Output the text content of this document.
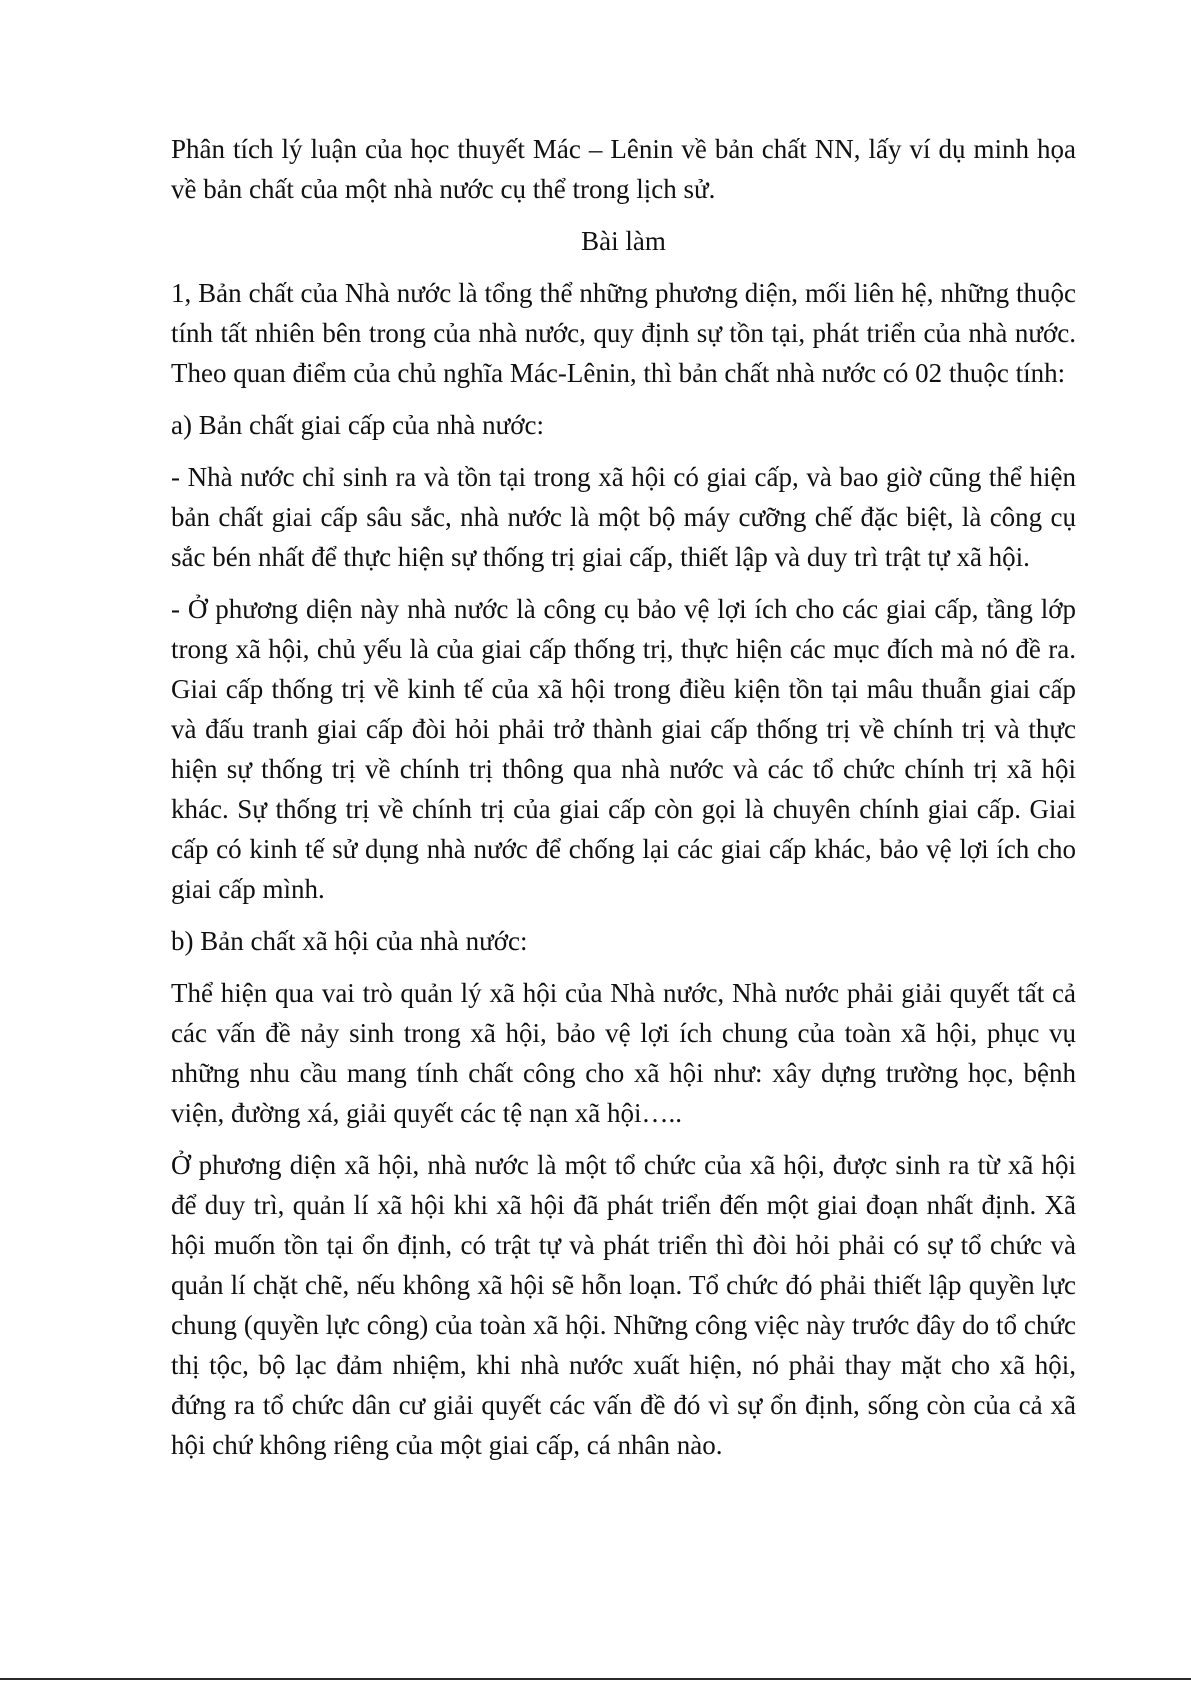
Phân tích lý luận của học thuyết Mác – Lênin về bản chất NN, lấy ví dụ minh họa về bản chất của một nhà nước cụ thể trong lịch sử.

Bài làm

1, Bản chất của Nhà nước là tổng thể những phương diện, mối liên hệ, những thuộc tính tất nhiên bên trong của nhà nước, quy định sự tồn tại, phát triển của nhà nước. Theo quan điểm của chủ nghĩa Mác-Lênin, thì bản chất nhà nước có 02 thuộc tính:

a) Bản chất giai cấp của nhà nước:

- Nhà nước chỉ sinh ra và tồn tại trong xã hội có giai cấp, và bao giờ cũng thể hiện bản chất giai cấp sâu sắc, nhà nước là một bộ máy cưỡng chế đặc biệt, là công cụ sắc bén nhất để thực hiện sự thống trị giai cấp, thiết lập và duy trì trật tự xã hội.

- Ở phương diện này nhà nước là công cụ bảo vệ lợi ích cho các giai cấp, tầng lớp trong xã hội, chủ yếu là của giai cấp thống trị, thực hiện các mục đích mà nó đề ra. Giai cấp thống trị về kinh tế của xã hội trong điều kiện tồn tại mâu thuẫn giai cấp và đấu tranh giai cấp đòi hỏi phải trở thành giai cấp thống trị về chính trị và thực hiện sự thống trị về chính trị thông qua nhà nước và các tổ chức chính trị xã hội khác. Sự thống trị về chính trị của giai cấp còn gọi là chuyên chính giai cấp. Giai cấp có kinh tế sử dụng nhà nước để chống lại các giai cấp khác, bảo vệ lợi ích cho giai cấp mình.

b) Bản chất xã hội của nhà nước:

Thể hiện qua vai trò quản lý xã hội của Nhà nước, Nhà nước phải giải quyết tất cả các vấn đề nảy sinh trong xã hội, bảo vệ lợi ích chung của toàn xã hội, phục vụ những nhu cầu mang tính chất công cho xã hội như: xây dựng trường học, bệnh viện, đường xá, giải quyết các tệ nạn xã hội…..

Ở phương diện xã hội, nhà nước là một tổ chức của xã hội, được sinh ra từ xã hội để duy trì, quản lí xã hội khi xã hội đã phát triển đến một giai đoạn nhất định. Xã hội muốn tồn tại ổn định, có trật tự và phát triển thì đòi hỏi phải có sự tổ chức và quản lí chặt chẽ, nếu không xã hội sẽ hỗn loạn. Tổ chức đó phải thiết lập quyền lực chung (quyền lực công) của toàn xã hội. Những công việc này trước đây do tổ chức thị tộc, bộ lạc đảm nhiệm, khi nhà nước xuất hiện, nó phải thay mặt cho xã hội, đứng ra tổ chức dân cư giải quyết các vấn đề đó vì sự ổn định, sống còn của cả xã hội chứ không riêng của một giai cấp, cá nhân nào.
